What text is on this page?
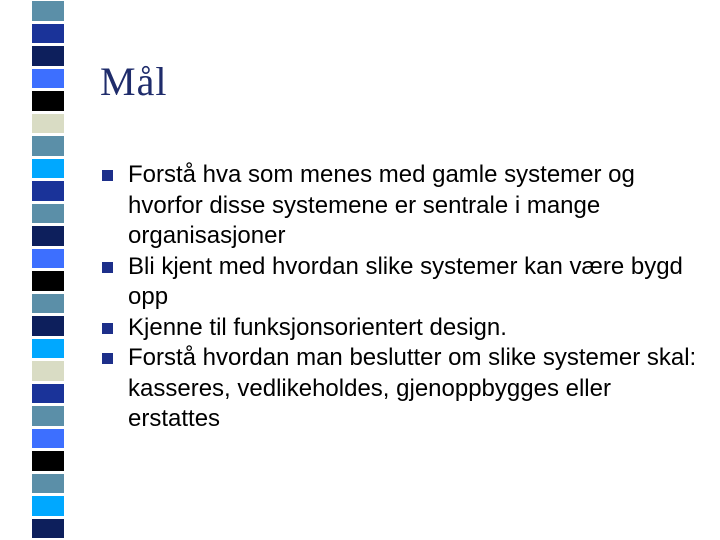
Mål
Forstå hva som menes med gamle systemer og hvorfor disse systemene er sentrale i mange organisasjoner
Bli kjent med hvordan slike systemer kan være bygd opp
Kjenne til funksjonsorientert design.
Forstå hvordan man beslutter om slike systemer skal: kasseres, vedlikeholdes, gjenoppbygges eller erstattes
